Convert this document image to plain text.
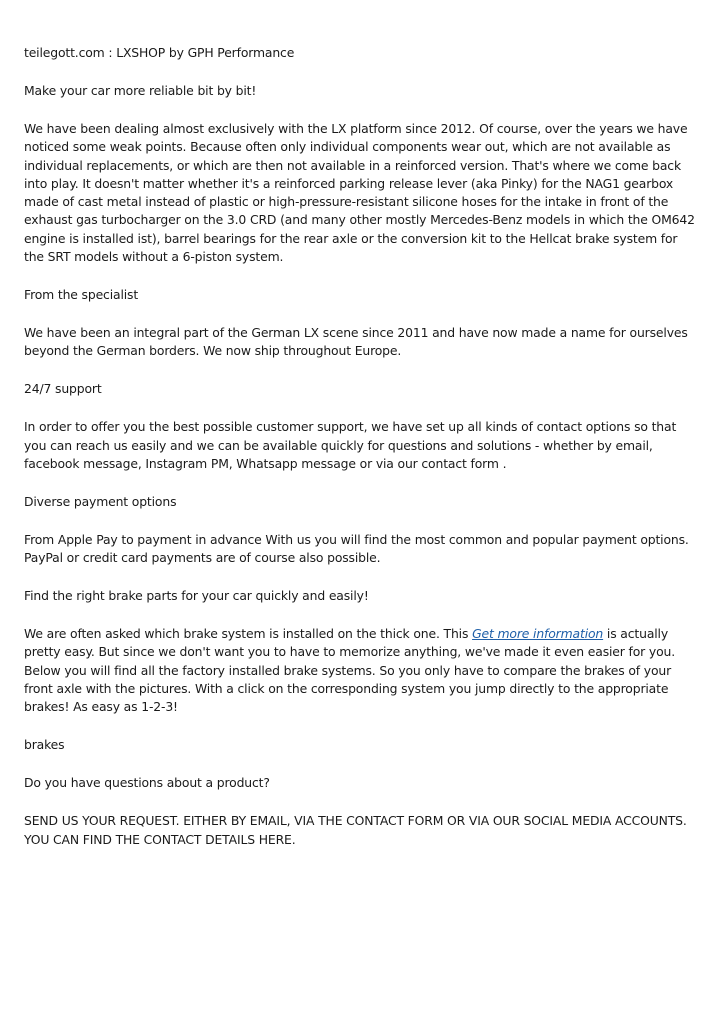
teilegott.com : LXSHOP by GPH Performance

Make your car more reliable bit by bit!

We have been dealing almost exclusively with the LX platform since 2012. Of course, over the years we have noticed some weak points. Because often only individual components wear out, which are not available as individual replacements, or which are then not available in a reinforced version. That's where we come back into play. It doesn't matter whether it's a reinforced parking release lever (aka Pinky) for the NAG1 gearbox made of cast metal instead of plastic or high-pressure-resistant silicone hoses for the intake in front of the exhaust gas turbocharger on the 3.0 CRD (and many other mostly Mercedes-Benz models in which the OM642 engine is installed ist), barrel bearings for the rear axle or the conversion kit to the Hellcat brake system for the SRT models without a 6-piston system.

From the specialist

We have been an integral part of the German LX scene since 2011 and have now made a name for ourselves beyond the German borders. We now ship throughout Europe.

24/7 support

In order to offer you the best possible customer support, we have set up all kinds of contact options so that you can reach us easily and we can be available quickly for questions and solutions - whether by email, facebook message, Instagram PM, Whatsapp message or via our contact form .

Diverse payment options

From Apple Pay to payment in advance With us you will find the most common and popular payment options. PayPal or credit card payments are of course also possible.

Find the right brake parts for your car quickly and easily!

We are often asked which brake system is installed on the thick one. This Get more information is actually pretty easy. But since we don't want you to have to memorize anything, we've made it even easier for you. Below you will find all the factory installed brake systems. So you only have to compare the brakes of your front axle with the pictures. With a click on the corresponding system you jump directly to the appropriate brakes! As easy as 1-2-3!

brakes

Do you have questions about a product?

SEND US YOUR REQUEST. EITHER BY EMAIL, VIA THE CONTACT FORM OR VIA OUR SOCIAL MEDIA ACCOUNTS. YOU CAN FIND THE CONTACT DETAILS HERE.
